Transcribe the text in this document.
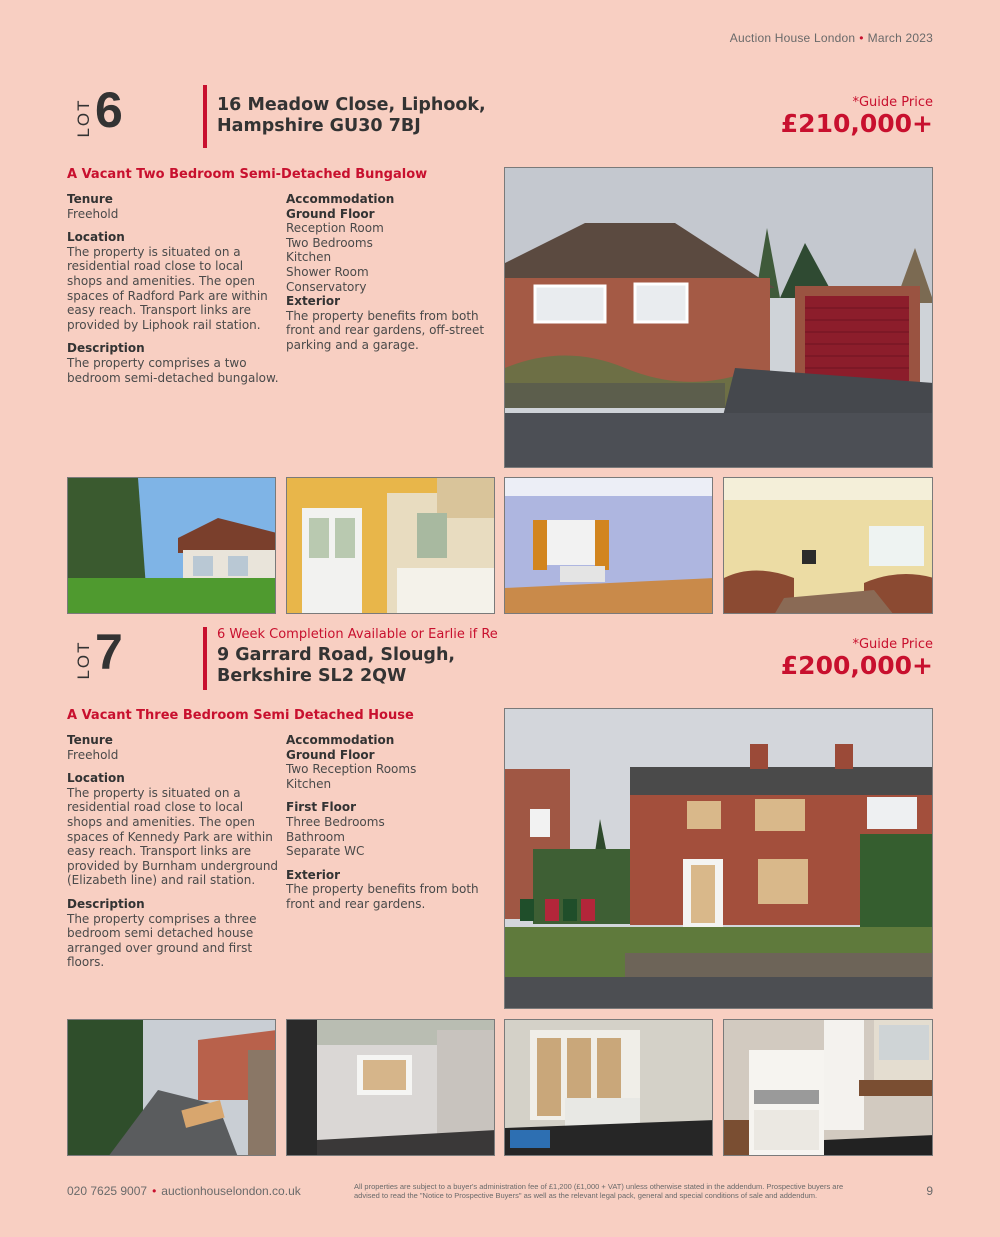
Auction House London • March 2023
LOT 6	16 Meadow Close, Liphook,
Hampshire GU30 7BJ
*Guide Price
£210,000+
A Vacant Two Bedroom Semi-Detached Bungalow
Tenure

Freehold

Location

The property is situated on a residential road close to local shops and amenities. The open spaces of Radford Park are within easy reach. Transport links are provided by Liphook rail station.

Description

The property comprises a two bedroom semi-detached bungalow.

Accommodation
Ground Floor
Reception Room
Two Bedrooms
Kitchen
Shower Room
Conservatory
Exterior

The property benefits from both front and rear gardens, off-street parking and a garage.

LOT 7	6 Week Completion Available or Earlie if Re
9 Garrard Road, Slough,
Berkshire SL2 2QW
*Guide Price
£200,000+
A Vacant Three Bedroom Semi Detached House
Tenure

Freehold

Location

The property is situated on a residential road close to local shops and amenities. The open spaces of Kennedy Park are within easy reach. Transport links are provided by Burnham underground (Elizabeth line) and rail station.

Description

The property comprises a three bedroom semi detached house arranged over ground and first floors.

Accommodation
Ground Floor
Two Reception Rooms
Kitchen
First Floor
Three Bedrooms
Bathroom
Separate WC
Exterior

The property benefits from both front and rear gardens.

020 7625 9007 • auctionhouselondon.co.uk	All properties are subject to a buyer's administration fee of £1,200 (£1,000 + VAT) unless otherwise stated in the addendum. Prospective buyers are advised to read the "Notice to Prospective Buyers" as well as the relevant legal pack, general and special conditions of sale and addendum.	9
